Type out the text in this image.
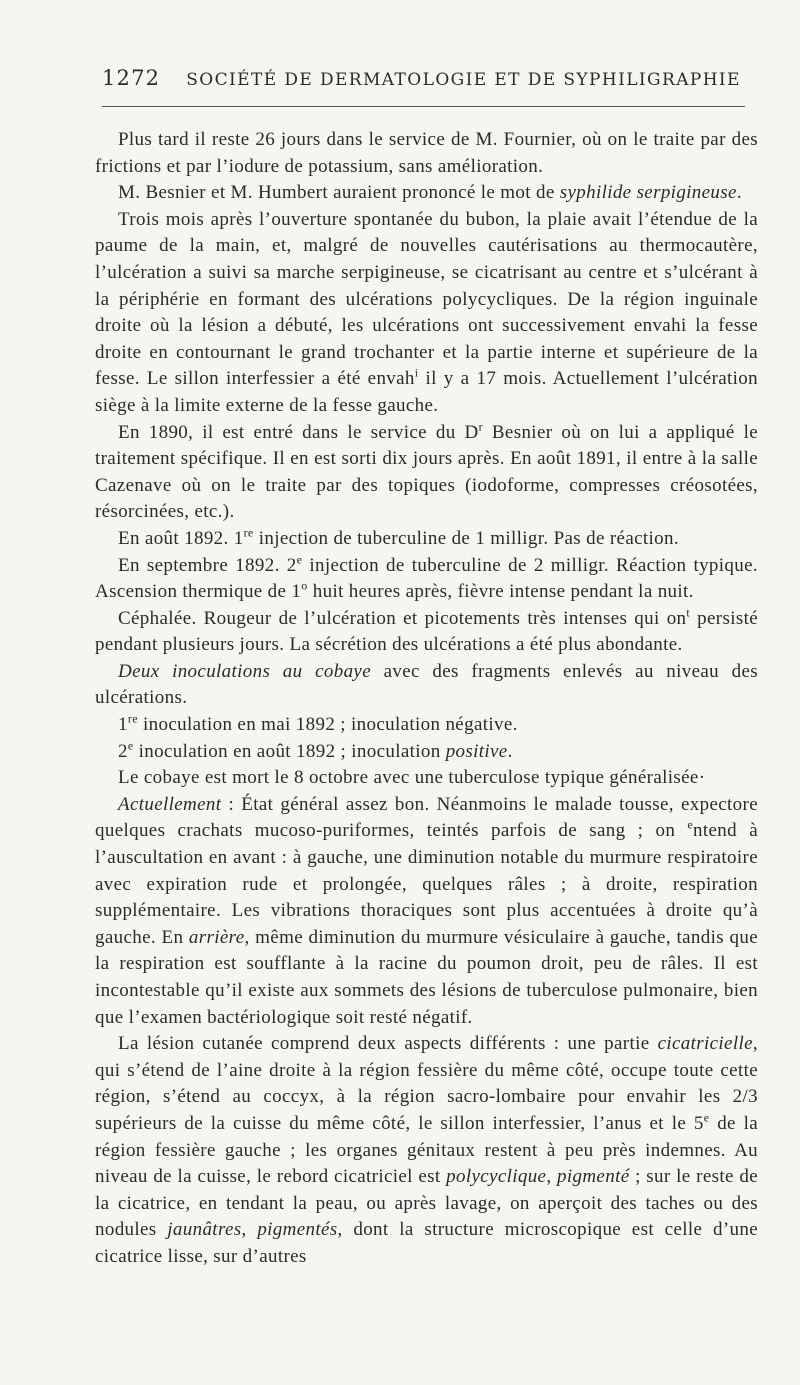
1272 SOCIÉTÉ DE DERMATOLOGIE ET DE SYPHILIGRAPHIE

Plus tard il reste 26 jours dans le service de M. Fournier, où on le traite par des frictions et par l’iodure de potassium, sans amélioration.

M. Besnier et M. Humbert auraient prononcé le mot de syphilide serpigineuse.

Trois mois après l’ouverture spontanée du bubon, la plaie avait l’étendue de la paume de la main, et, malgré de nouvelles cautérisations au thermocautère, l’ulcération a suivi sa marche serpigineuse, se cicatrisant au centre et s’ulcérant à la périphérie en formant des ulcérations polycycliques. De la région inguinale droite où la lésion a débuté, les ulcérations ont successivement envahi la fesse droite en contournant le grand trochanter et la partie interne et supérieure de la fesse. Le sillon interfessier a été envah$^i$ il y a 17 mois. Actuellement l’ulcération siège à la limite externe de la fesse gauche.

En 1890, il est entré dans le service du $D^r$ Besnier où on lui a appliqué le traitement spécifique. Il en est sorti dix jours après. En août 1891, il entre à la salle Cazenave où on le traite par des topiques (iodoforme, compresses créosotées, résorcinées, etc.).

En août 1892. 1re injection de tuberculine de 1 milligr. Pas de réaction.

En septembre 1892. 2e injection de tuberculine de 2 milligr. Réaction typique. Ascension thermique de 1$^o$ huit heures après, fièvre intense pendant la nuit.

Céphalée. Rougeur de l’ulcération et picotements très intenses qui $on^t$ persisté pendant plusieurs jours. La sécrétion des ulcérations a été plus abondante.

Deux inoculations au cobaye avec des fragments enlevés au niveau des ulcérations.

1re inoculation en mai 1892 ; inoculation négative.

2e inoculation en août 1892 ; inoculation positive.

Le cobaye est mort le 8 octobre avec une tuberculose typique généralisée·

Actuellement : État général assez bon. Néanmoins le malade tousse, expectore quelques crachats mucoso-puriformes, teintés parfois de sang ; on $^e$ntend à l’auscultation en avant : à gauche, une diminution notable du murmure respiratoire avec expiration rude et prolongée, quelques râles ; à droite, respiration supplémentaire. Les vibrations thoraciques sont plus accentuées à droite qu’à gauche. En arrière, même diminution du murmure vésiculaire à gauche, tandis que la respiration est soufflante à la racine du poumon droit, peu de râles. Il est incontestable qu’il existe aux sommets des lésions de tuberculose pulmonaire, bien que l’examen bactériologique soit resté négatif.

La lésion cutanée comprend deux aspects différents : une partie cicatricielle, qui s’étend de l’aine droite à la région fessière du même côté, occupe toute cette région, s’étend au coccyx, à la région sacro-lombaire pour envahir les 2/3 supérieurs de la cuisse du même côté, le sillon interfessier, l’anus et le 5e de la région fessière gauche ; les organes génitaux restent à peu près indemnes. Au niveau de la cuisse, le rebord cicatriciel est polycyclique, pigmenté ; sur le reste de la cicatrice, en tendant la peau, ou après lavage, on aperçoit des taches ou des nodules jaunâtres, pigmentés, dont la structure microscopique est celle d’une cicatrice lisse, sur d’autres
